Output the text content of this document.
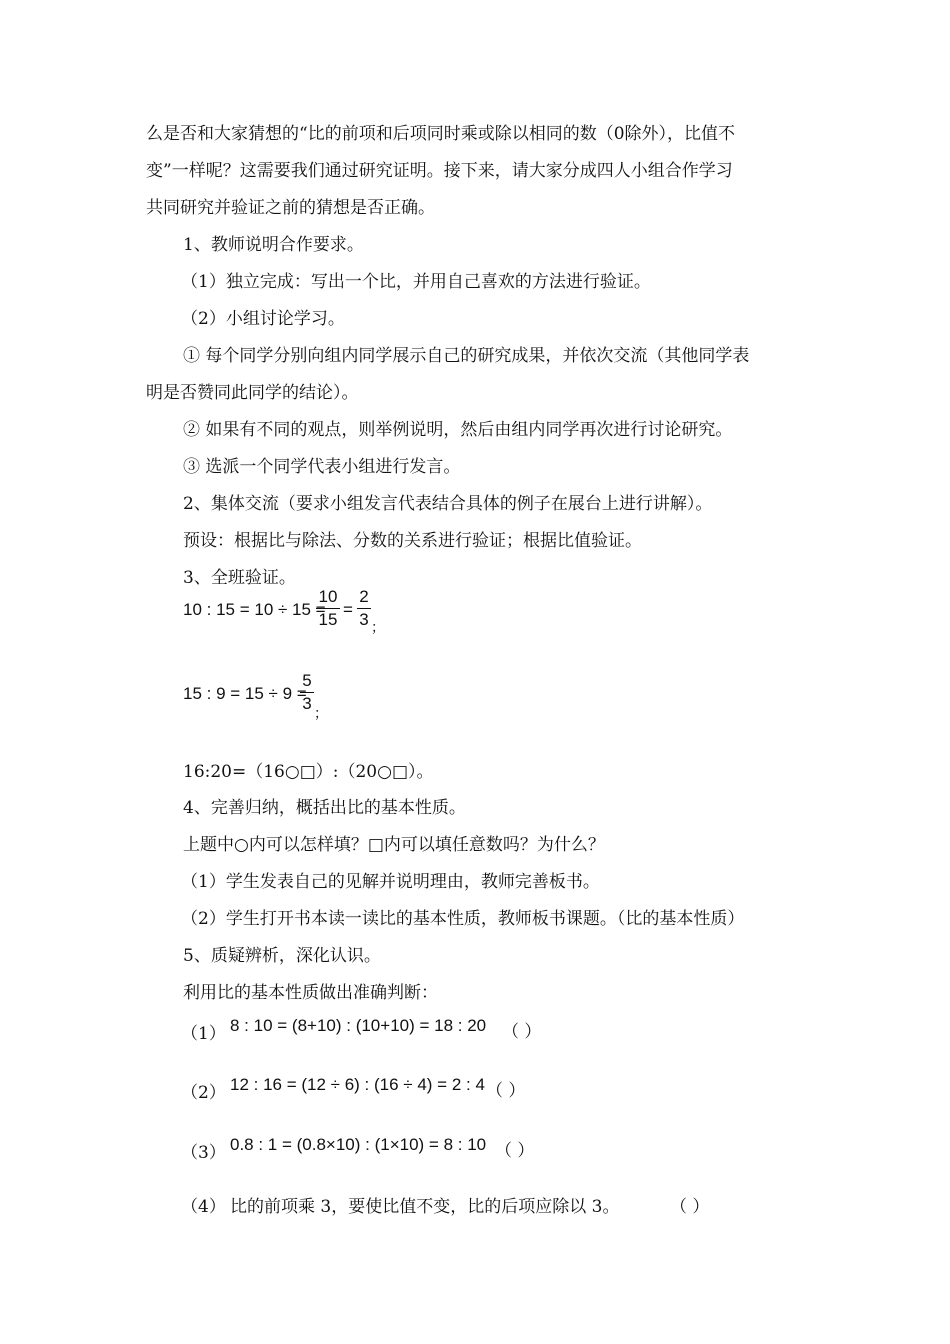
么是否和大家猜想的“比的前项和后项同时乘或除以相同的数（0除外），比值不
变”一样呢？这需要我们通过研究证明。接下来，请大家分成四人小组合作学习
共同研究并验证之前的猜想是否正确。
1、教师说明合作要求。
（1）独立完成：写出一个比，并用自己喜欢的方法进行验证。
（2）小组讨论学习。
① 每个同学分别向组内同学展示自己的研究成果，并依次交流（其他同学表
明是否赞同此同学的结论）。
② 如果有不同的观点，则举例说明，然后由组内同学再次进行讨论研究。
③ 选派一个同学代表小组进行发言。
2、集体交流（要求小组发言代表结合具体的例子在展台上进行讲解）。
预设：根据比与除法、分数的关系进行验证；根据比值验证。
3、全班验证。
10 : 15 = 10 ÷ 15 =
10
15
=
2
3 ；
15 : 9 = 15 ÷ 9 =
5
3
；
16:20=（16○□）:（20○□）。
4、完善归纳，概括出比的基本性质。
上题中○内可以怎样填？□内可以填任意数吗？为什么？
（1）学生发表自己的见解并说明理由，教师完善板书。
（2）学生打开书本读一读比的基本性质，教师板书课题。（比的基本性质）
5、质疑辨析，深化认识。
利用比的基本性质做出准确判断：
（1） 8 : 10 = (8+10) : (10+10) = 18 : 20 （ ）
（2） 12 : 16 = (12 ÷ 6) : (16 ÷ 4) = 2 : 4 （ ）
（3） 0.8 : 1 = (0.8×10) : (1×10) = 8 : 10 （ ）
（4） 比的前项乘 3，要使比值不变，比的后项应除以 3。	（ ）
